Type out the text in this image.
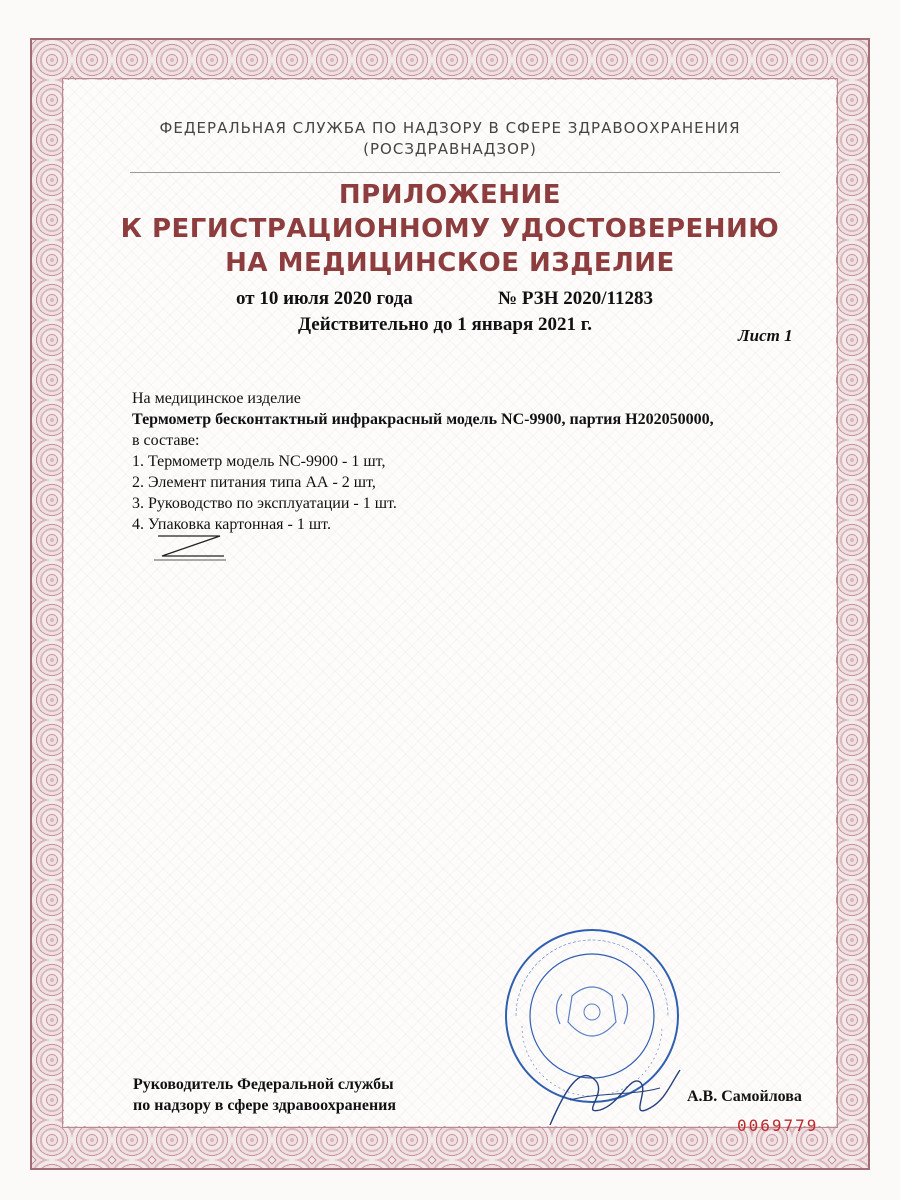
ФЕДЕРАЛЬНАЯ СЛУЖБА ПО НАДЗОРУ В СФЕРЕ ЗДРАВООХРАНЕНИЯ
(РОСЗДРАВНАДЗОР)
ПРИЛОЖЕНИЕ
К РЕГИСТРАЦИОННОМУ УДОСТОВЕРЕНИЮ
НА МЕДИЦИНСКОЕ ИЗДЕЛИЕ
от 10 июля 2020 года	№ РЗН 2020/11283
Действительно до 1 января 2021 г.
Лист 1
На медицинское изделие
Термометр бесконтактный инфракрасный модель NC-9900, партия H202050000,
в составе:
1. Термометр модель NC-9900 - 1 шт,
2. Элемент питания типа АА - 2 шт,
3. Руководство по эксплуатации - 1 шт.
4. Упаковка картонная - 1 шт.
Руководитель Федеральной службы
по надзору в сфере здравоохранения
А.В. Самойлова
0069779
